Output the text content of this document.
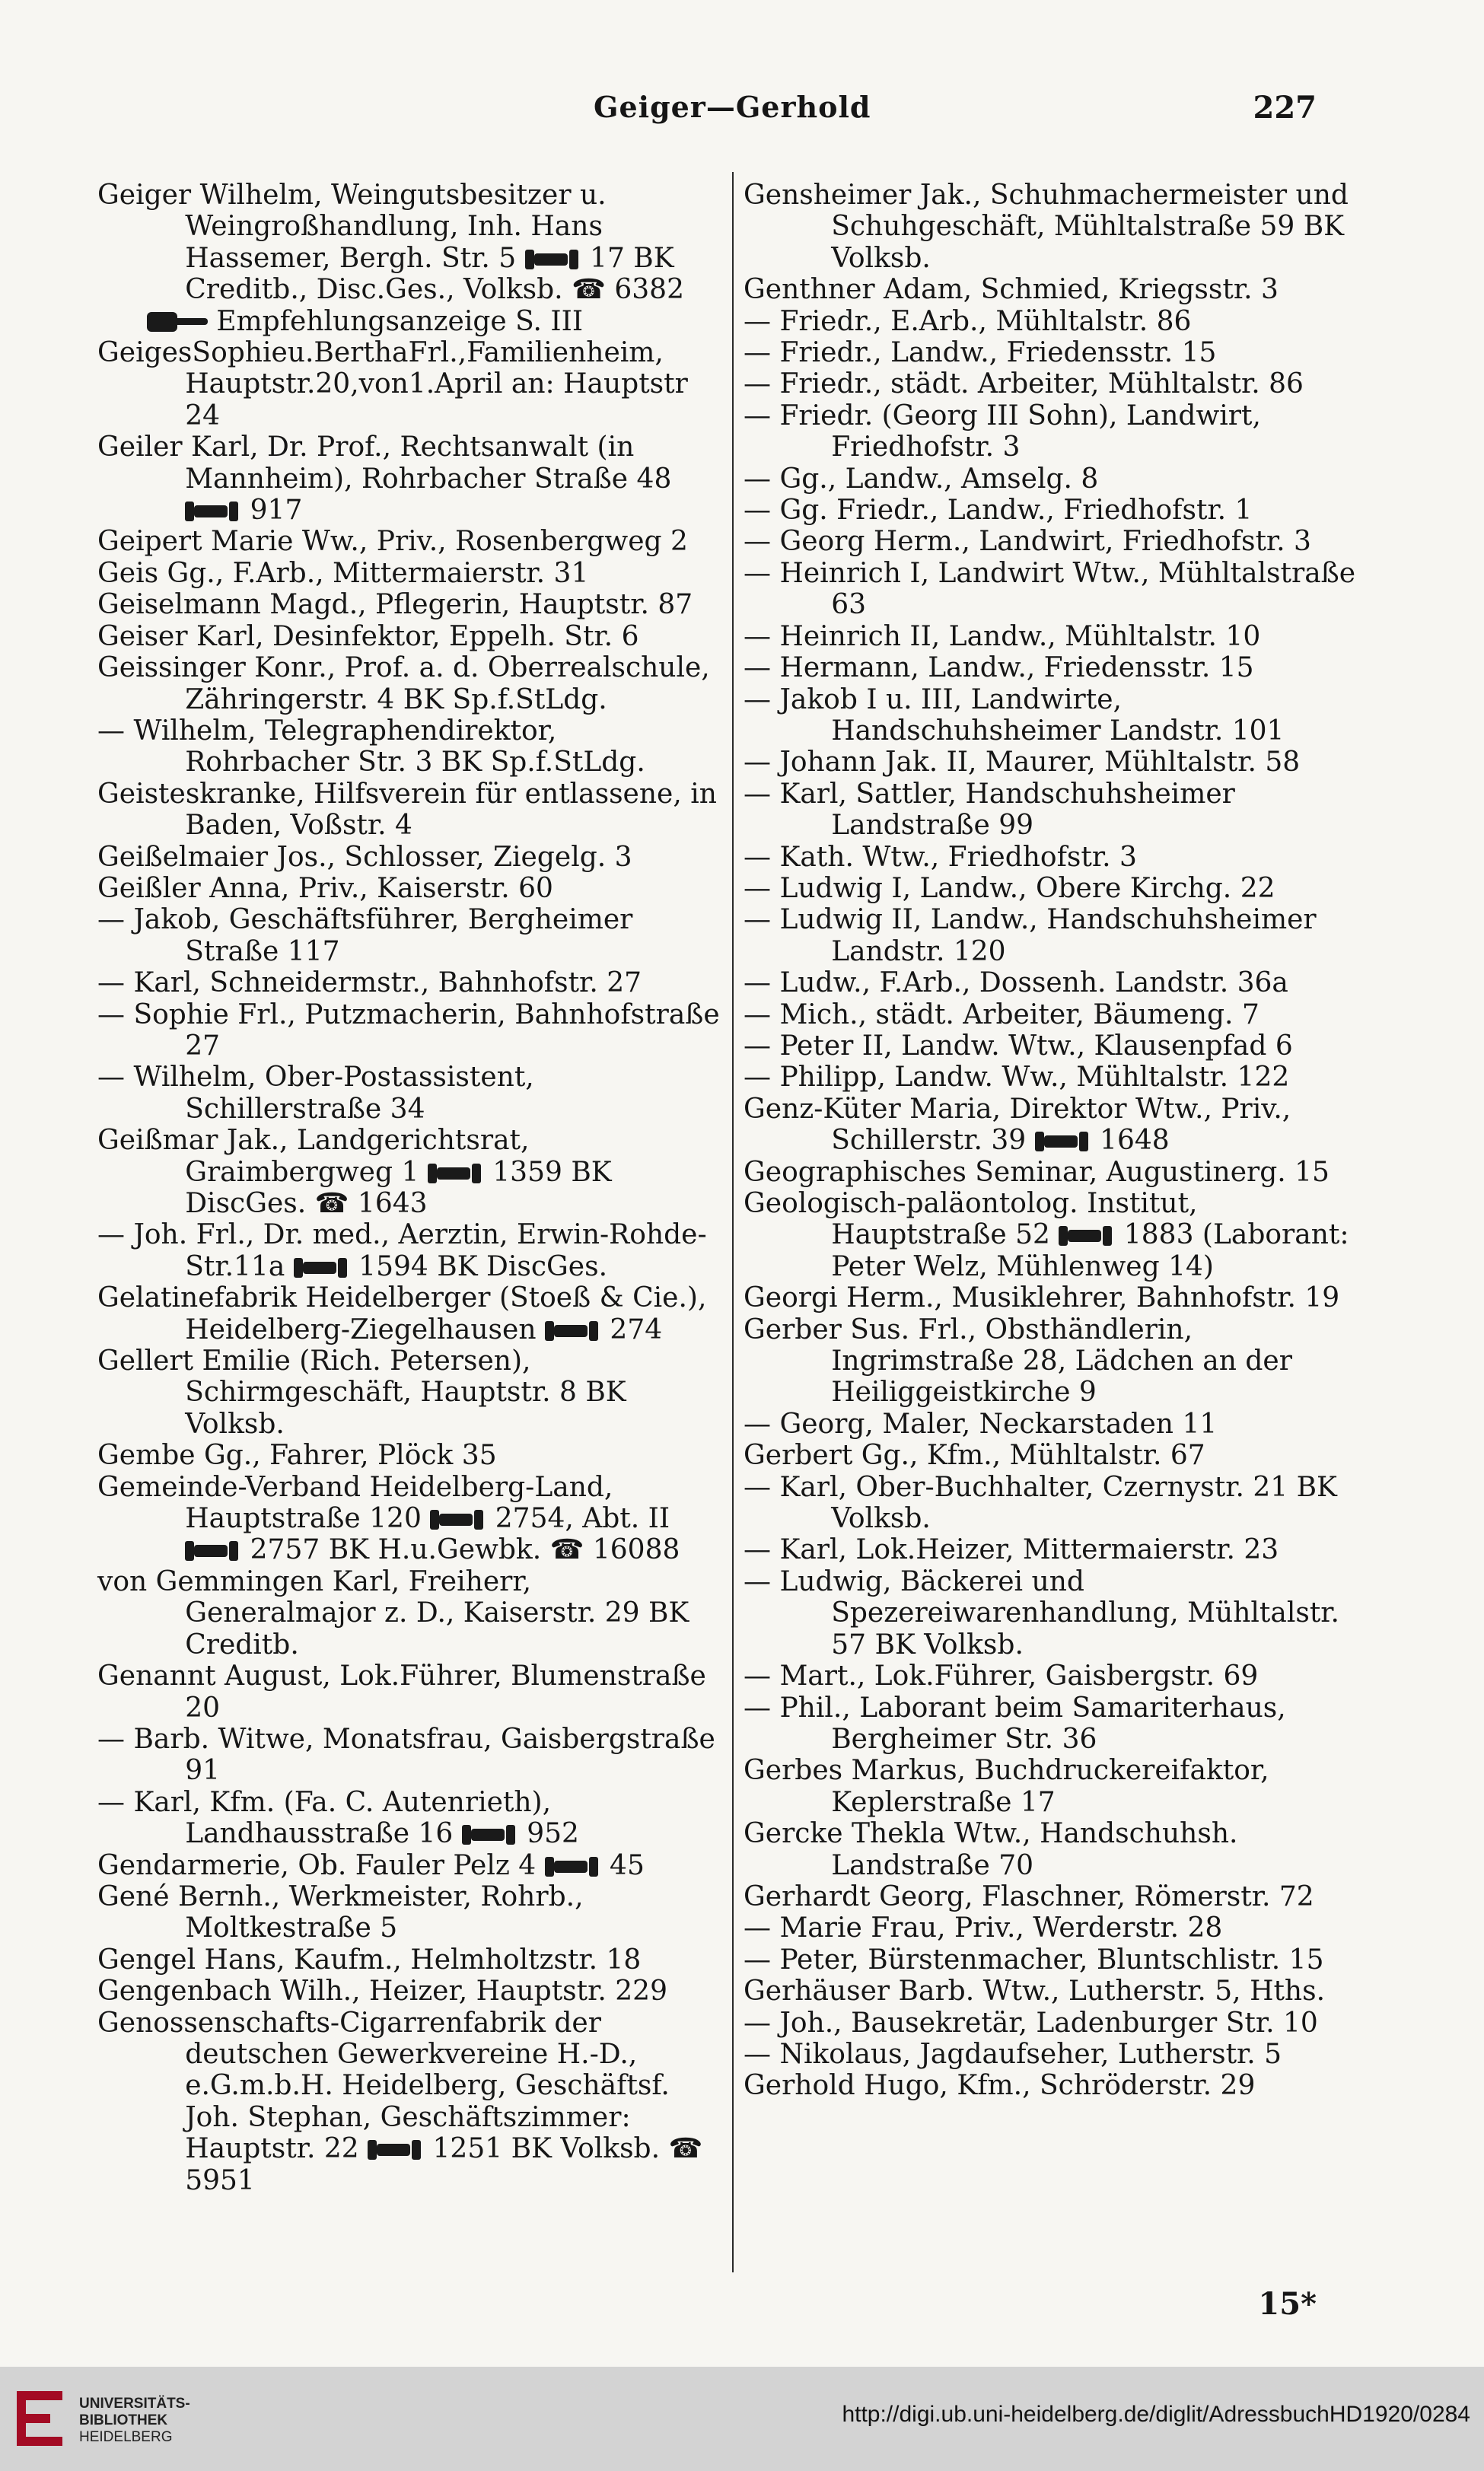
Geiger—Gerhold	227
Geiger Wilhelm, Weingutsbesitzer u. Weingroßhandlung, Inh. Hans Hassemer, Bergh. Str. 5  17 BK Creditb., Disc.Ges., Volksb. ☎ 6382
Empfehlungsanzeige S. III
GeigesSophieu.BerthaFrl.,Familienheim, Hauptstr.20,von1.April an: Hauptstr 24
Geiler Karl, Dr. Prof., Rechtsanwalt (in Mannheim), Rohrbacher Straße 48  917
Geipert Marie Ww., Priv., Rosenbergweg 2
Geis Gg., F.Arb., Mittermaierstr. 31
Geiselmann Magd., Pflegerin, Hauptstr. 87
Geiser Karl, Desinfektor, Eppelh. Str. 6
Geissinger Konr., Prof. a. d. Oberrealschule, Zähringerstr. 4 BK Sp.f.StLdg.
— Wilhelm, Telegraphendirektor, Rohrbacher Str. 3 BK Sp.f.StLdg.
Geisteskranke, Hilfsverein für entlassene, in Baden, Voßstr. 4
Geißelmaier Jos., Schlosser, Ziegelg. 3
Geißler Anna, Priv., Kaiserstr. 60
— Jakob, Geschäftsführer, Bergheimer Straße 117
— Karl, Schneidermstr., Bahnhofstr. 27
— Sophie Frl., Putzmacherin, Bahnhofstraße 27
— Wilhelm, Ober-Postassistent, Schillerstraße 34
Geißmar Jak., Landgerichtsrat, Graimbergweg 1  1359 BK DiscGes. ☎ 1643
— Joh. Frl., Dr. med., Aerztin, Erwin-Rohde-Str.11a  1594 BK DiscGes.
Gelatinefabrik Heidelberger (Stoeß & Cie.), Heidelberg-Ziegelhausen  274
Gellert Emilie (Rich. Petersen), Schirmgeschäft, Hauptstr. 8 BK Volksb.
Gembe Gg., Fahrer, Plöck 35
Gemeinde-Verband Heidelberg-Land, Hauptstraße 120  2754, Abt. II  2757 BK H.u.Gewbk. ☎ 16088
von Gemmingen Karl, Freiherr, Generalmajor z. D., Kaiserstr. 29 BK Creditb.
Genannt August, Lok.Führer, Blumenstraße 20
— Barb. Witwe, Monatsfrau, Gaisbergstraße 91
— Karl, Kfm. (Fa. C. Autenrieth), Landhausstraße 16  952
Gendarmerie, Ob. Fauler Pelz 4  45
Gené Bernh., Werkmeister, Rohrb., Moltkestraße 5
Gengel Hans, Kaufm., Helmholtzstr. 18
Gengenbach Wilh., Heizer, Hauptstr. 229
Genossenschafts-Cigarrenfabrik der deutschen Gewerkvereine H.-D., e.G.m.b.H. Heidelberg, Geschäftsf. Joh. Stephan, Geschäftszimmer: Hauptstr. 22  1251 BK Volksb. ☎ 5951
Gensheimer Jak., Schuhmachermeister und Schuhgeschäft, Mühltalstraße 59 BK Volksb.
Genthner Adam, Schmied, Kriegsstr. 3
— Friedr., E.Arb., Mühltalstr. 86
— Friedr., Landw., Friedensstr. 15
— Friedr., städt. Arbeiter, Mühltalstr. 86
— Friedr. (Georg III Sohn), Landwirt, Friedhofstr. 3
— Gg., Landw., Amselg. 8
— Gg. Friedr., Landw., Friedhofstr. 1
— Georg Herm., Landwirt, Friedhofstr. 3
— Heinrich I, Landwirt Wtw., Mühltalstraße 63
— Heinrich II, Landw., Mühltalstr. 10
— Hermann, Landw., Friedensstr. 15
— Jakob I u. III, Landwirte, Handschuhsheimer Landstr. 101
— Johann Jak. II, Maurer, Mühltalstr. 58
— Karl, Sattler, Handschuhsheimer Landstraße 99
— Kath. Wtw., Friedhofstr. 3
— Ludwig I, Landw., Obere Kirchg. 22
— Ludwig II, Landw., Handschuhsheimer Landstr. 120
— Ludw., F.Arb., Dossenh. Landstr. 36a
— Mich., städt. Arbeiter, Bäumeng. 7
— Peter II, Landw. Wtw., Klausenpfad 6
— Philipp, Landw. Ww., Mühltalstr. 122
Genz-Küter Maria, Direktor Wtw., Priv., Schillerstr. 39  1648
Geographisches Seminar, Augustinerg. 15
Geologisch-paläontolog. Institut, Hauptstraße 52  1883 (Laborant: Peter Welz, Mühlenweg 14)
Georgi Herm., Musiklehrer, Bahnhofstr. 19
Gerber Sus. Frl., Obsthändlerin, Ingrimstraße 28, Lädchen an der Heiliggeistkirche 9
— Georg, Maler, Neckarstaden 11
Gerbert Gg., Kfm., Mühltalstr. 67
— Karl, Ober-Buchhalter, Czernystr. 21 BK Volksb.
— Karl, Lok.Heizer, Mittermaierstr. 23
— Ludwig, Bäckerei und Spezereiwarenhandlung, Mühltalstr. 57 BK Volksb.
— Mart., Lok.Führer, Gaisbergstr. 69
— Phil., Laborant beim Samariterhaus, Bergheimer Str. 36
Gerbes Markus, Buchdruckereifaktor, Keplerstraße 17
Gercke Thekla Wtw., Handschuhsh. Landstraße 70
Gerhardt Georg, Flaschner, Römerstr. 72
— Marie Frau, Priv., Werderstr. 28
— Peter, Bürstenmacher, Bluntschlistr. 15
Gerhäuser Barb. Wtw., Lutherstr. 5, Hths.
— Joh., Bausekretär, Ladenburger Str. 10
— Nikolaus, Jagdaufseher, Lutherstr. 5
Gerhold Hugo, Kfm., Schröderstr. 29
15*
UNIVERSITÄTS-
BIBLIOTHEK
HEIDELBERG
http://digi.ub.uni-heidelberg.de/diglit/AdressbuchHD1920/0284
